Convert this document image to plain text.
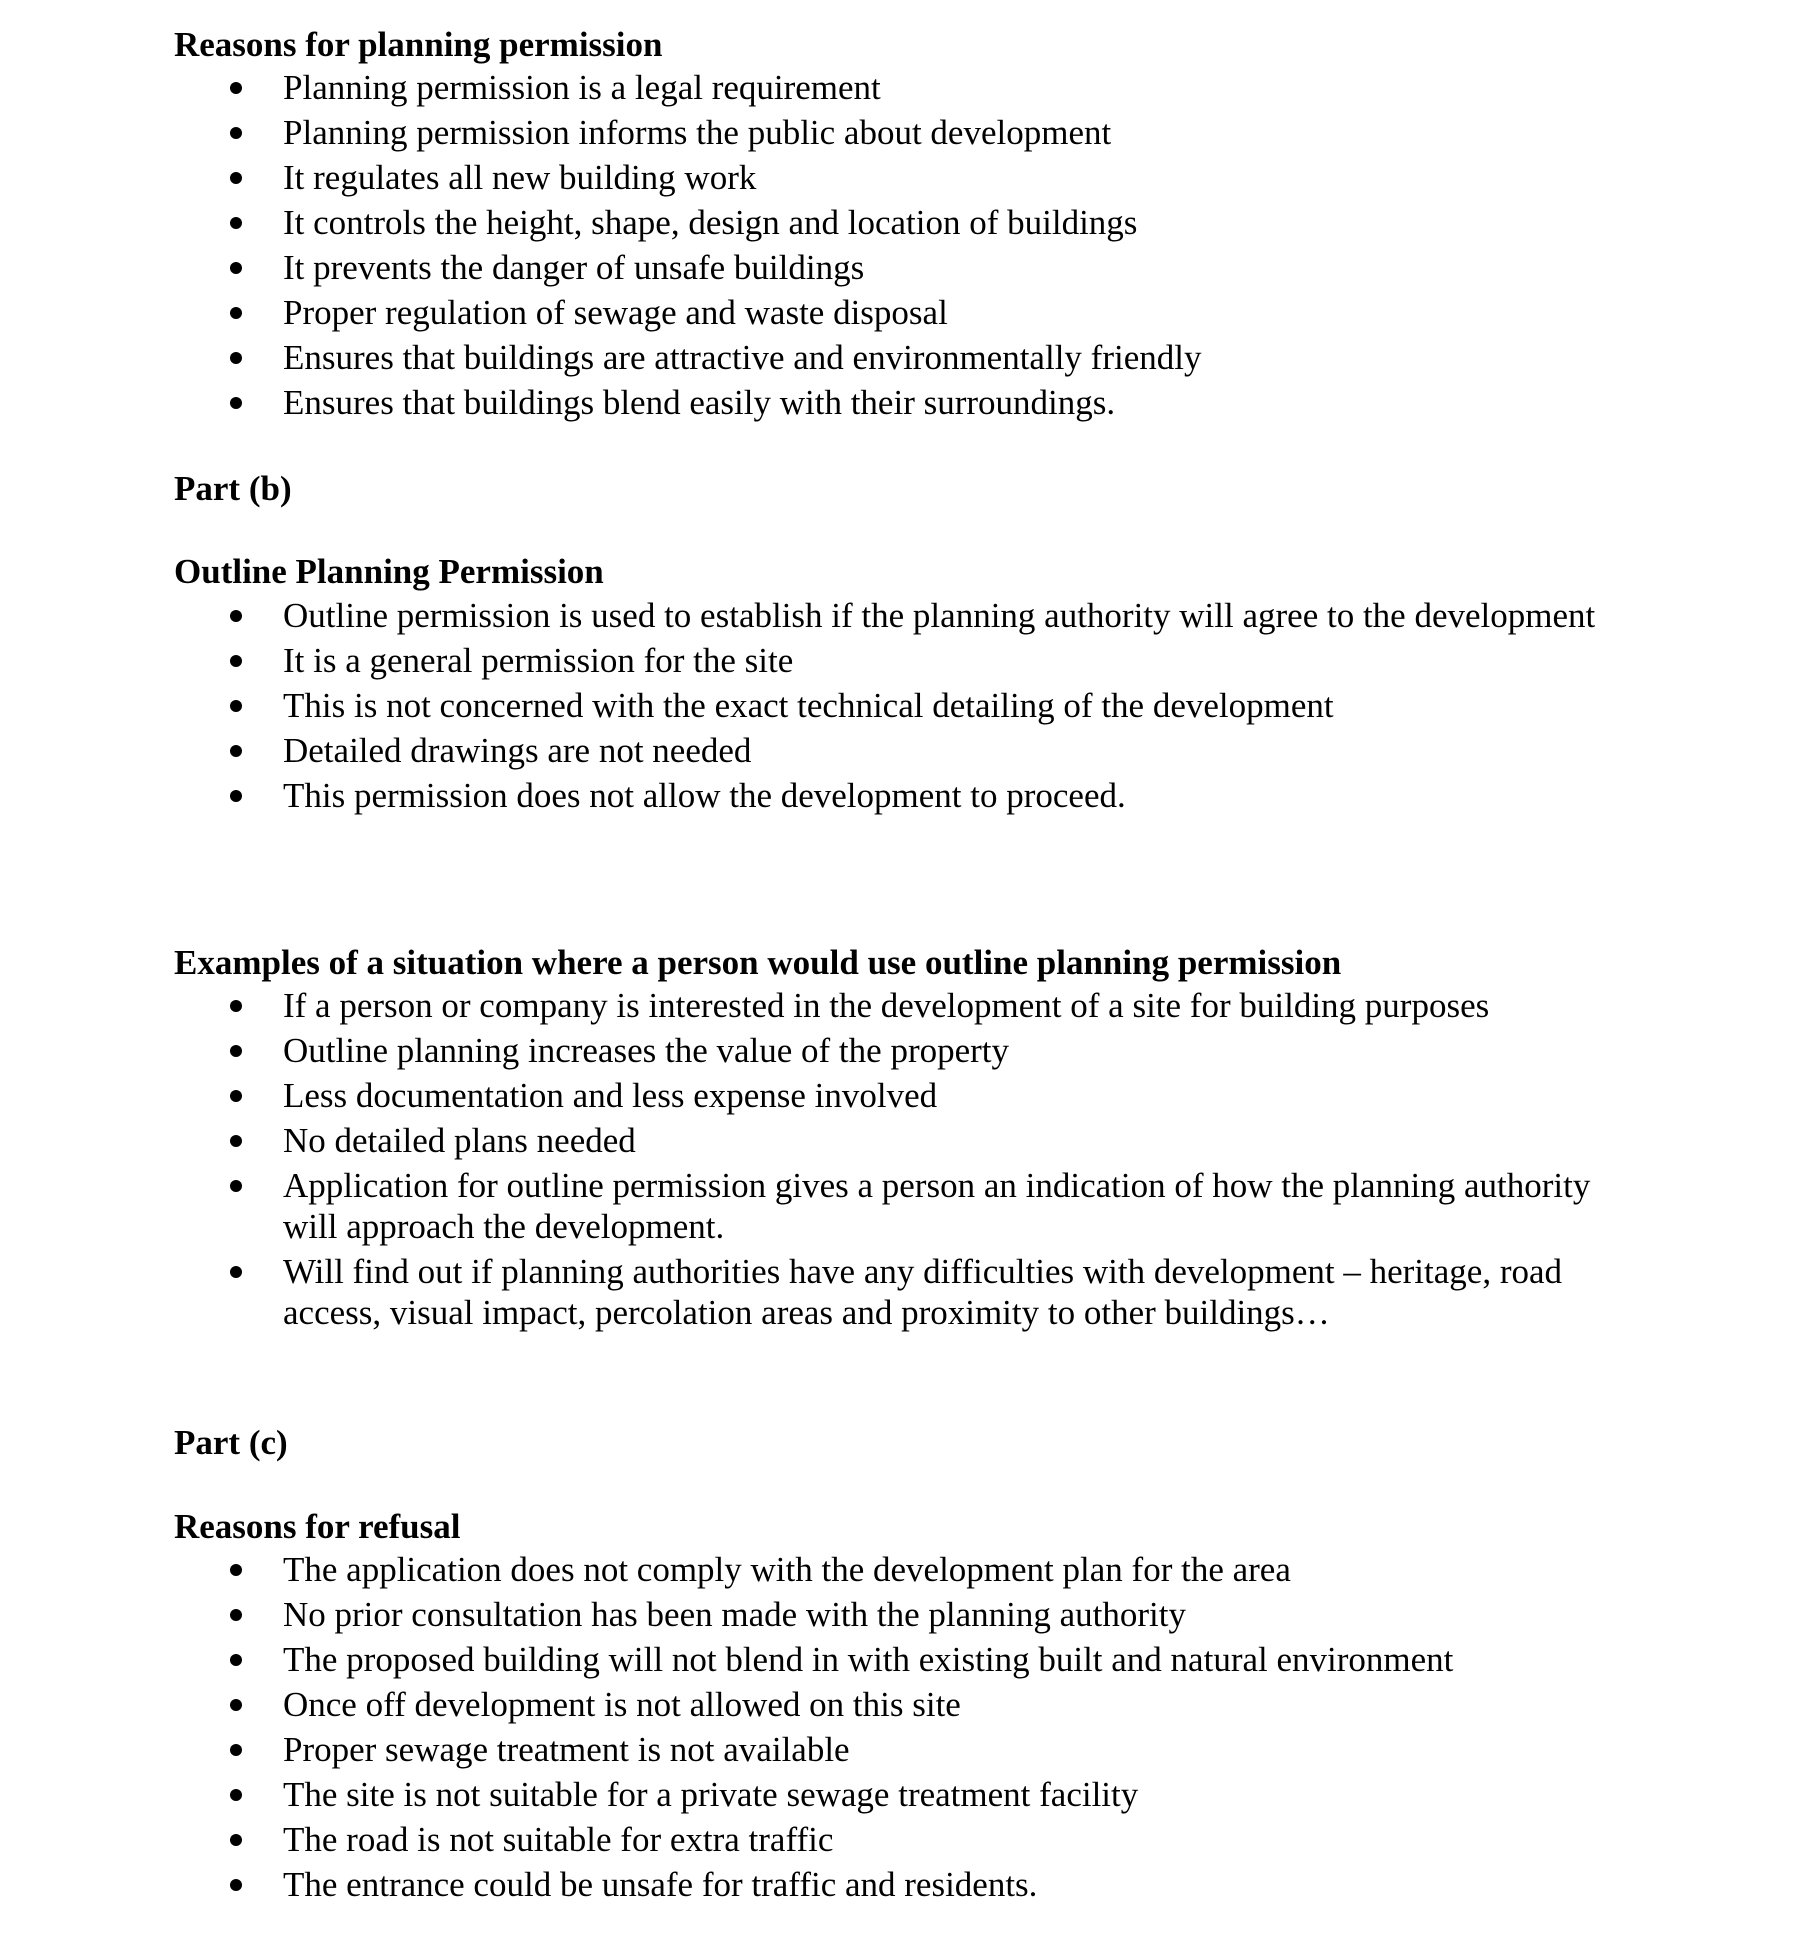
Reasons for planning permission
Planning permission is a legal requirement
Planning permission informs the public about development
It regulates all new building work
It controls the height, shape, design and location of buildings
It prevents the danger of unsafe buildings
Proper regulation of sewage and waste disposal
Ensures that buildings are attractive and environmentally friendly
Ensures that buildings blend easily with their surroundings.
Part (b)
Outline Planning Permission
Outline permission is used to establish if the planning authority will agree to the development
It is a general permission for the site
This is not concerned with the exact technical detailing of the development
Detailed drawings are not needed
This permission does not allow the development to proceed.
Examples of a situation where a person would use outline planning permission
If a person or company is interested in the development of a site for building purposes
Outline planning increases the value of the property
Less documentation and less expense involved
No detailed plans needed
Application for outline permission gives a person an indication of how the planning authority will approach the development.
Will find out if planning authorities have any difficulties with development – heritage, road access, visual impact, percolation areas and proximity to other buildings…
Part (c)
Reasons for refusal
The application does not comply with the development plan for the area
No prior consultation has been made with the planning authority
The proposed building will not blend in with existing built and natural environment
Once off development is not allowed on this site
Proper sewage treatment is not available
The site is not suitable for a private sewage treatment facility
The road is not suitable for extra traffic
The entrance could be unsafe for traffic and residents.
